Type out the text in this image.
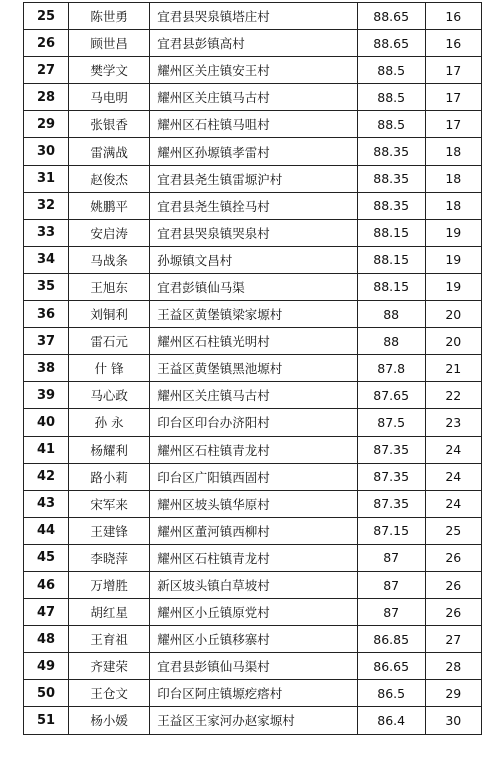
25	陈世勇	宜君县哭泉镇塔庄村	88.65	16
26	顾世昌	宜君县彭镇高村	88.65	16
27	樊学文	耀州区关庄镇安王村	88.5	17
28	马电明	耀州区关庄镇马古村	88.5	17
29	张银香	耀州区石柱镇马咀村	88.5	17
30	雷满战	耀州区孙塬镇孝雷村	88.35	18
31	赵俊杰	宜君县尧生镇雷塬沪村	88.35	18
32	姚鹏平	宜君县尧生镇拴马村	88.35	18
33	安启涛	宜君县哭泉镇哭泉村	88.15	19
34	马战条	孙塬镇文昌村	88.15	19
35	王旭东	宜君彭镇仙马渠	88.15	19
36	刘铜利	王益区黄堡镇梁家塬村	88	20
37	雷石元	耀州区石柱镇光明村	88	20
38	什 锋	王益区黄堡镇黑池塬村	87.8	21
39	马心政	耀州区关庄镇马古村	87.65	22
40	孙 永	印台区印台办济阳村	87.5	23
41	杨耀利	耀州区石柱镇青龙村	87.35	24
42	路小莉	印台区广阳镇西固村	87.35	24
43	宋军来	耀州区坡头镇华原村	87.35	24
44	王建锋	耀州区董河镇西柳村	87.15	25
45	李晓萍	耀州区石柱镇青龙村	87	26
46	万增胜	新区坡头镇白草坡村	87	26
47	胡红星	耀州区小丘镇原党村	87	26
48	王育祖	耀州区小丘镇移寨村	86.85	27
49	齐建荣	宜君县彭镇仙马渠村	86.65	28
50	王仓文	印台区阿庄镇塬疙瘩村	86.5	29
51	杨小媛	王益区王家河办赵家塬村	86.4	30
